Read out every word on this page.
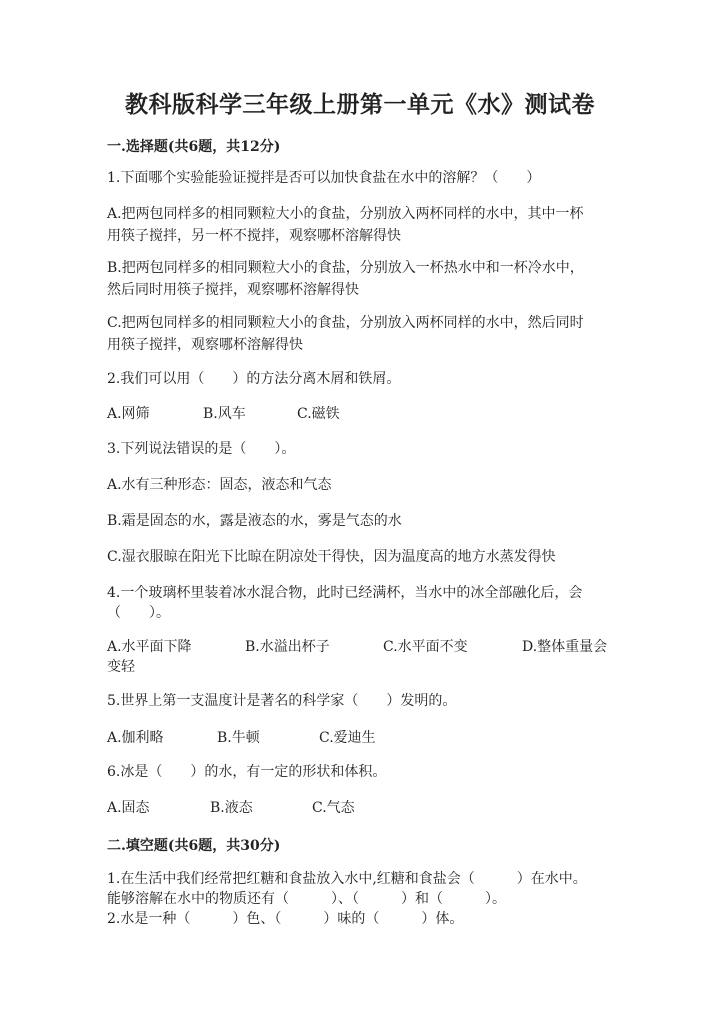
教科版科学三年级上册第一单元《水》测试卷
一.选择题(共6题，共12分)
1.下面哪个实验能验证搅拌是否可以加快食盐在水中的溶解？（　　）
A.把两包同样多的相同颗粒大小的食盐，分别放入两杯同样的水中，其中一杯
用筷子搅拌，另一杯不搅拌，观察哪杯溶解得快
B.把两包同样多的相同颗粒大小的食盐，分别放入一杯热水中和一杯冷水中，
然后同时用筷子搅拌，观察哪杯溶解得快
C.把两包同样多的相同颗粒大小的食盐，分别放入两杯同样的水中，然后同时
用筷子搅拌，观察哪杯溶解得快
2.我们可以用（　　）的方法分离木屑和铁屑。
A.网筛	B.风车	C.磁铁
3.下列说法错误的是（　　）。
A.水有三种形态：固态，液态和气态
B.霜是固态的水，露是液态的水，雾是气态的水
C.湿衣服晾在阳光下比晾在阴凉处干得快，因为温度高的地方水蒸发得快
4.一个玻璃杯里装着冰水混合物，此时已经满杯，当水中的冰全部融化后，会
（　　）。
A.水平面下降	B.水溢出杯子	C.水平面不变	D.整体重量会
变轻
5.世界上第一支温度计是著名的科学家（　　）发明的。
A.伽利略	B.牛顿	C.爱迪生
6.冰是（　　）的水，有一定的形状和体积。
A.固态	B.液态	C.气态
二.填空题(共6题，共30分)
1.在生活中我们经常把红糖和食盐放入水中,红糖和食盐会（　　　）在水中。
能够溶解在水中的物质还有（　　　）、（　　　）和（　　　）。
2.水是一种（　　　）色、（　　　）味的（　　　）体。
